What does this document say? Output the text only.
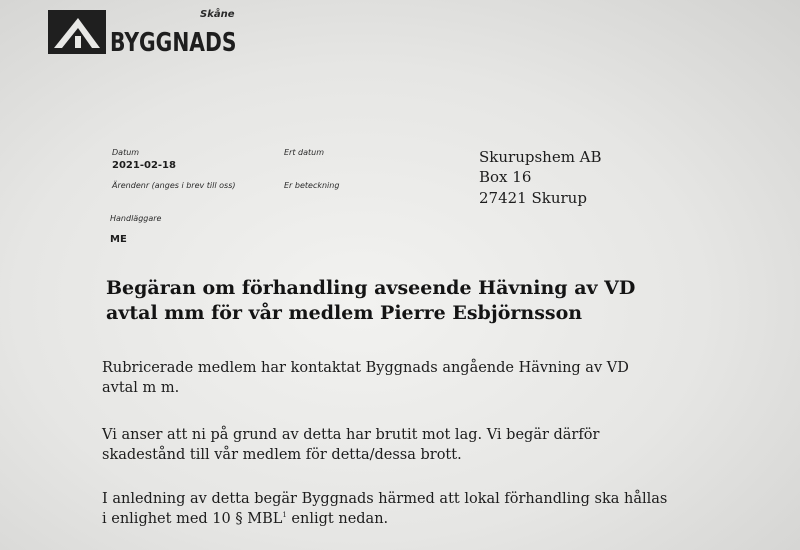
Skåne
BYGGNADS
Datum
2021-02-18
Ert datum
Ärendenr (anges i brev till oss)	Er beteckning
Handläggare
ME
Skurupshem AB
Box 16
27421 Skurup
Begäran om förhandling avseende Hävning av VD
avtal mm för vår medlem Pierre Esbjörnsson
Rubricerade medlem har kontaktat Byggnads angående Hävning av VD
avtal m m.
Vi anser att ni på grund av detta har brutit mot lag. Vi begär därför
skadestånd till vår medlem för detta/dessa brott.
I anledning av detta begär Byggnads härmed att lokal förhandling ska hållas
i enlighet med 10 § MBL$^1$ enligt nedan.
